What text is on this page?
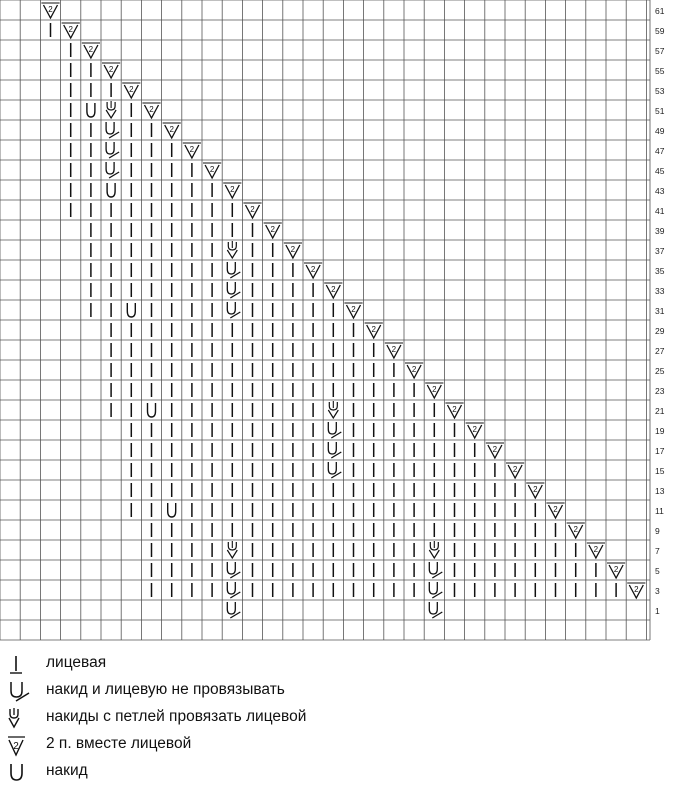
2
2
2
2
2
2
2
2
2
2
2
2
2
2
2
2
2
2
2
2
2
2
2
2
2
2
2
2
2
2
61
59
57
55
53
51
49
47
45
43
41
39
37
35
33
31
29
27
25
23
21
19
17
15
13
11
9
7
5
3
1
лицевая
накид и лицевую не провязывать
накиды с петлей провязать лицевой
2 2 п. вместе лицевой
накид
